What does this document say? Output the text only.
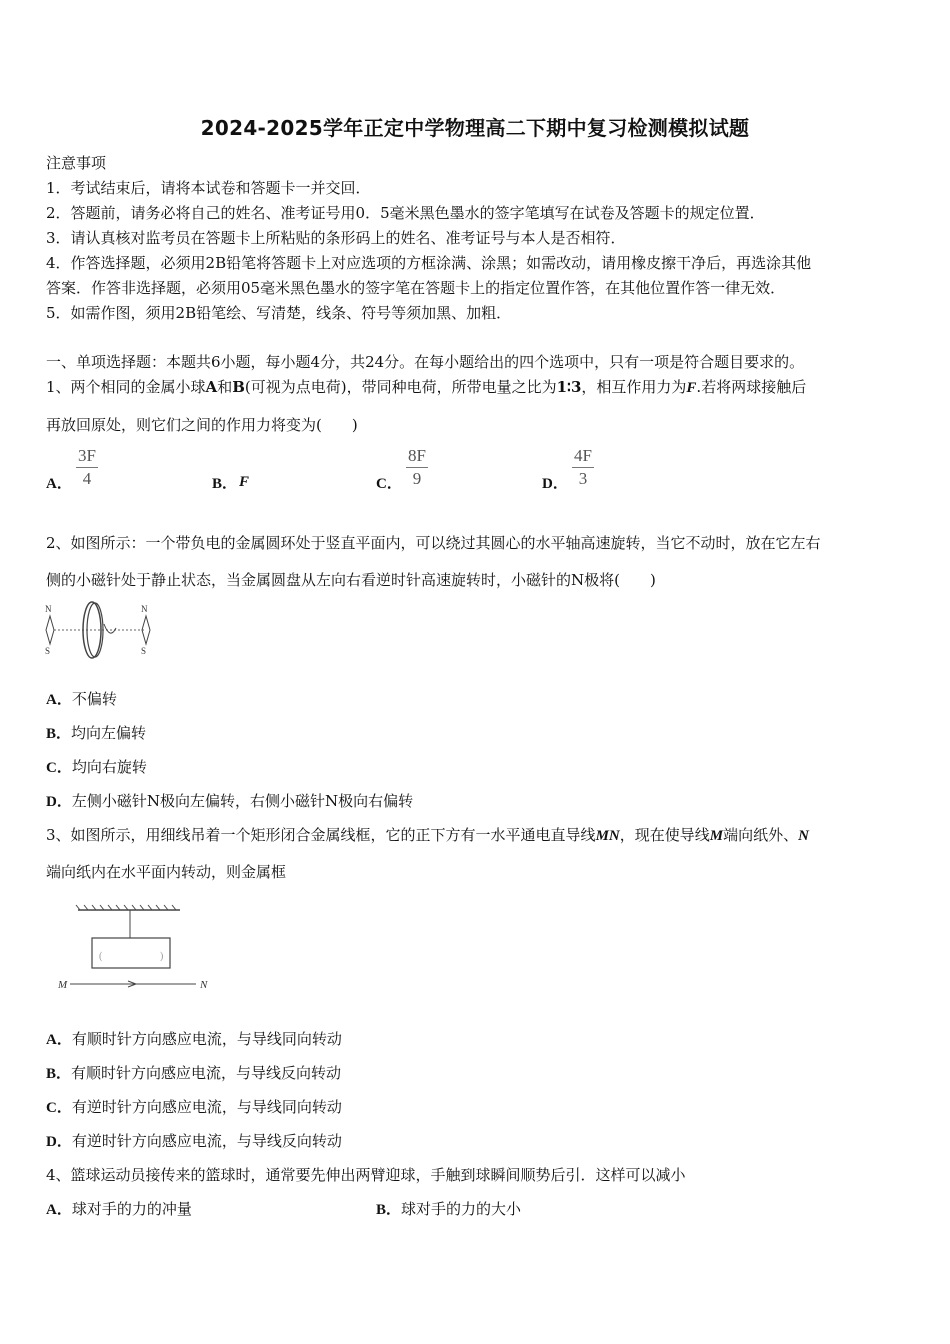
2024-2025学年正定中学物理高二下期中复习检测模拟试题
注意事项
1．考试结束后，请将本试卷和答题卡一并交回．
2．答题前，请务必将自己的姓名、准考证号用0．5毫米黑色墨水的签字笔填写在试卷及答题卡的规定位置．
3．请认真核对监考员在答题卡上所粘贴的条形码上的姓名、准考证号与本人是否相符．
4．作答选择题，必须用2B铅笔将答题卡上对应选项的方框涂满、涂黑；如需改动，请用橡皮擦干净后，再选涂其他
答案．作答非选择题，必须用05毫米黑色墨水的签字笔在答题卡上的指定位置作答，在其他位置作答一律无效．
5．如需作图，须用2B铅笔绘、写清楚，线条、符号等须加黑、加粗．
一、单项选择题：本题共6小题，每小题4分，共24分。在每小题给出的四个选项中，只有一项是符合题目要求的。
1、两个相同的金属小球A和B(可视为点电荷)，带同种电荷，所带电量之比为1∶3，相互作用力为F.若将两球接触后
再放回原处，则它们之间的作用力将变为(　　)
A．
3F
4	B． F	C．
8F
9	D．
4F
3
2、如图所示：一个带负电的金属圆环处于竖直平面内，可以绕过其圆心的水平轴高速旋转，当它不动时，放在它左右
侧的小磁针处于静止状态，当金属圆盘从左向右看逆时针高速旋转时，小磁针的N极将(　　)
N
S
N
S
A．不偏转
B．均向左偏转
C．均向右旋转
D．左侧小磁针N极向左偏转，右侧小磁针N极向右偏转
3、如图所示，用细线吊着一个矩形闭合金属线框，它的正下方有一水平通电直导线MN，现在使导线M端向纸外、N
端向纸内在水平面内转动，则金属框
(	)
M	N
A．有顺时针方向感应电流，与导线同向转动
B．有顺时针方向感应电流，与导线反向转动
C．有逆时针方向感应电流，与导线同向转动
D．有逆时针方向感应电流，与导线反向转动
4、篮球运动员接传来的篮球时，通常要先伸出两臂迎球，手触到球瞬间顺势后引．这样可以减小
A．球对手的力的冲量	B．球对手的力的大小
